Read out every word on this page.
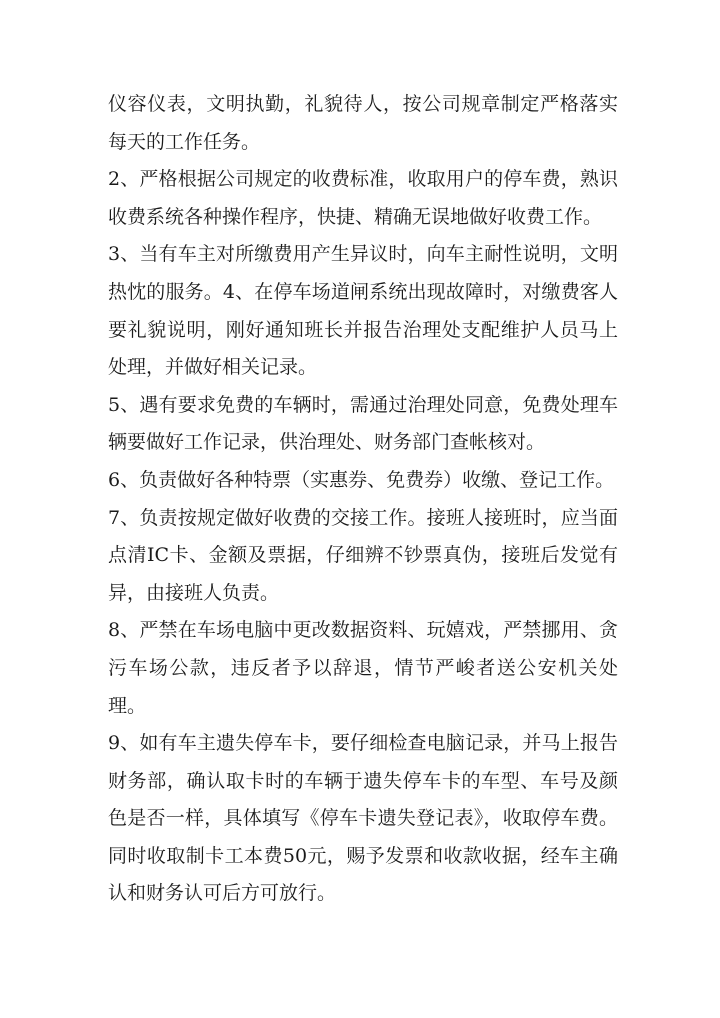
仪容仪表，文明执勤，礼貌待人，按公司规章制定严格落实每天的工作任务。

2、严格根据公司规定的收费标准，收取用户的停车费，熟识收费系统各种操作程序，快捷、精确无误地做好收费工作。

3、当有车主对所缴费用产生异议时，向车主耐性说明，文明热忱的服务。4、在停车场道闸系统出现故障时，对缴费客人要礼貌说明，刚好通知班长并报告治理处支配维护人员马上处理，并做好相关记录。

5、遇有要求免费的车辆时，需通过治理处同意，免费处理车辆要做好工作记录，供治理处、财务部门查帐核对。

6、负责做好各种特票（实惠券、免费券）收缴、登记工作。

7、负责按规定做好收费的交接工作。接班人接班时，应当面点清IC卡、金额及票据，仔细辨不钞票真伪，接班后发觉有异，由接班人负责。

8、严禁在车场电脑中更改数据资料、玩嬉戏，严禁挪用、贪污车场公款，违反者予以辞退，情节严峻者送公安机关处理。

9、如有车主遗失停车卡，要仔细检查电脑记录，并马上报告财务部，确认取卡时的车辆于遗失停车卡的车型、车号及颜色是否一样，具体填写《停车卡遗失登记表》，收取停车费。同时收取制卡工本费50元，赐予发票和收款收据，经车主确认和财务认可后方可放行。
